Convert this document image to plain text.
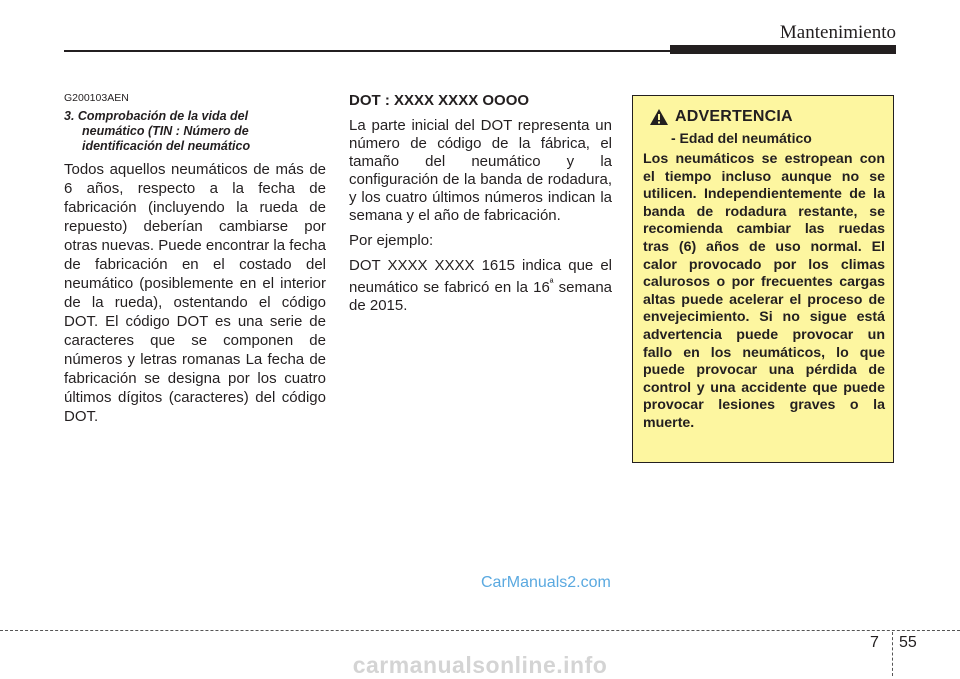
Mantenimiento
G200103AEN
3. Comprobación de la vida del
neumático (TIN : Número de
identificación del neumático
Todos aquellos neumáticos de más de 6 años, respecto a la fecha de fabricación (incluyendo la rueda de repuesto) deberían cambiarse por otras nuevas. Puede encontrar la fecha de fabricación en el costado del neumático (posiblemente en el interior de la rueda), ostentando el código DOT. El código DOT es una serie de caracteres que se componen de números y letras romanas La fecha de fabricación se designa por los cuatro últimos dígitos (caracteres) del código DOT.
DOT : XXXX XXXX OOOO
La parte inicial del DOT representa un número de código de la fábrica, el tamaño del neumático y la configuración de la banda de rodadura, y los cuatro últimos números indican la semana y el año de fabricación.
Por ejemplo:
DOT XXXX XXXX 1615 indica que el neumático se fabricó en la $16^ª$ semana de 2015.
ADVERTENCIA
- Edad del neumático
Los neumáticos se estropean con el tiempo incluso aunque no se utilicen. Independientemente de la banda de rodadura restante, se recomienda cambiar las ruedas tras (6) años de uso normal. El calor provocado por los climas calurosos o por frecuentes cargas altas puede acelerar el proceso de envejecimiento. Si no sigue está advertencia puede provocar un fallo en los neumáticos, lo que puede provocar una pérdida de control y una accidente que puede provocar lesiones graves o la muerte.
CarManuals2.com
7 55
carmanualsonline.info
